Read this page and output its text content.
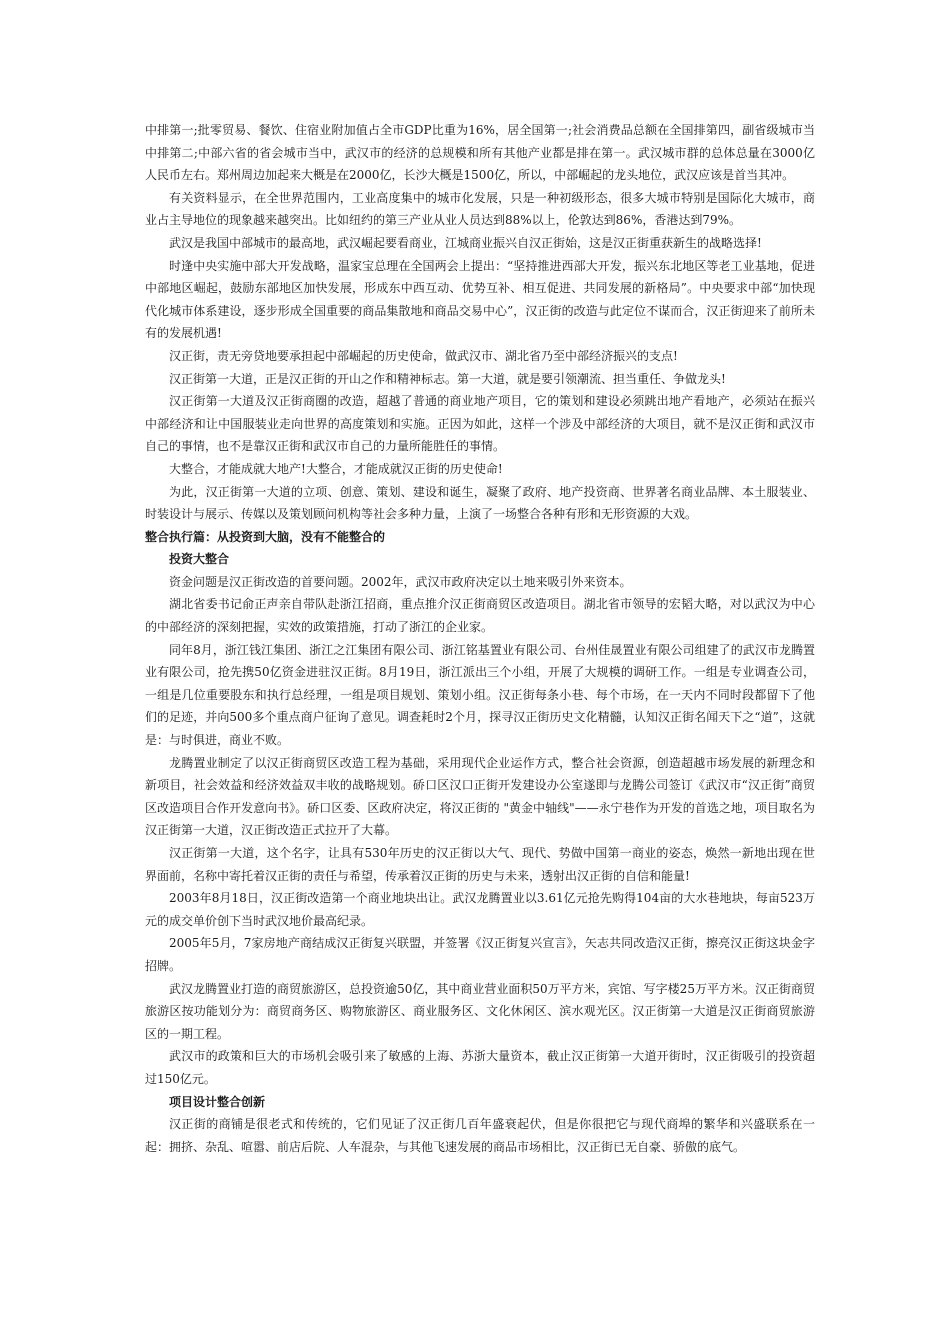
中排第一;批零贸易、餐饮、住宿业附加值占全市GDP比重为16%，居全国第一;社会消费品总额在全国排第四，副省级城市当中排第二;中部六省的省会城市当中，武汉市的经济的总规模和所有其他产业都是排在第一。武汉城市群的总体总量在3000亿人民币左右。郑州周边加起来大概是在2000亿，长沙大概是1500亿，所以，中部崛起的龙头地位，武汉应该是首当其冲。

有关资料显示，在全世界范围内，工业高度集中的城市化发展，只是一种初级形态，很多大城市特别是国际化大城市，商业占主导地位的现象越来越突出。比如纽约的第三产业从业人员达到88%以上，伦敦达到86%，香港达到79%。

武汉是我国中部城市的最高地，武汉崛起要看商业，江城商业振兴自汉正街始，这是汉正街重获新生的战略选择!

时逢中央实施中部大开发战略，温家宝总理在全国两会上提出：“坚持推进西部大开发，振兴东北地区等老工业基地，促进中部地区崛起，鼓励东部地区加快发展，形成东中西互动、优势互补、相互促进、共同发展的新格局”。中央要求中部“加快现代化城市体系建设，逐步形成全国重要的商品集散地和商品交易中心”，汉正街的改造与此定位不谋而合，汉正街迎来了前所未有的发展机遇!

汉正街，责无旁贷地要承担起中部崛起的历史使命，做武汉市、湖北省乃至中部经济振兴的支点!

汉正街第一大道，正是汉正街的开山之作和精神标志。第一大道，就是要引领潮流、担当重任、争做龙头!

汉正街第一大道及汉正街商圈的改造，超越了普通的商业地产项目，它的策划和建设必须跳出地产看地产，必须站在振兴中部经济和让中国服装业走向世界的高度策划和实施。正因为如此，这样一个涉及中部经济的大项目，就不是汉正街和武汉市自己的事情，也不是靠汉正街和武汉市自己的力量所能胜任的事情。

大整合，才能成就大地产!大整合，才能成就汉正街的历史使命!

为此，汉正街第一大道的立项、创意、策划、建设和诞生，凝聚了政府、地产投资商、世界著名商业品牌、本土服装业、时装设计与展示、传媒以及策划顾问机构等社会多种力量，上演了一场整合各种有形和无形资源的大戏。

整合执行篇：从投资到大脑，没有不能整合的

投资大整合

资金问题是汉正街改造的首要问题。2002年，武汉市政府决定以土地来吸引外来资本。

湖北省委书记俞正声亲自带队赴浙江招商，重点推介汉正街商贸区改造项目。湖北省市领导的宏韬大略，对以武汉为中心的中部经济的深刻把握，实效的政策措施，打动了浙江的企业家。

同年8月，浙江钱江集团、浙江之江集团有限公司、浙江铭基置业有限公司、台州佳晟置业有限公司组建了的武汉市龙腾置业有限公司，抢先携50亿资金进驻汉正街。8月19日，浙江派出三个小组，开展了大规模的调研工作。一组是专业调查公司，一组是几位重要股东和执行总经理，一组是项目规划、策划小组。汉正街每条小巷、每个市场，在一天内不同时段都留下了他们的足迹，并向500多个重点商户征询了意见。调查耗时2个月，探寻汉正街历史文化精髓，认知汉正街名闻天下之“道”，这就是：与时俱进，商业不败。

龙腾置业制定了以汉正街商贸区改造工程为基础，采用现代企业运作方式，整合社会资源，创造超越市场发展的新理念和新项目，社会效益和经济效益双丰收的战略规划。硚口区汉口正街开发建设办公室遂即与龙腾公司签订《武汉市“汉正街”商贸区改造项目合作开发意向书》。硚口区委、区政府决定，将汉正街的 "黄金中轴线"——永宁巷作为开发的首选之地，项目取名为汉正街第一大道，汉正街改造正式拉开了大幕。

汉正街第一大道，这个名字，让具有530年历史的汉正街以大气、现代、势做中国第一商业的姿态，焕然一新地出现在世界面前，名称中寄托着汉正街的责任与希望，传承着汉正街的历史与未来，透射出汉正街的自信和能量!

2003年8月18日，汉正街改造第一个商业地块出让。武汉龙腾置业以3.61亿元抢先购得104亩的大水巷地块，每亩523万元的成交单价创下当时武汉地价最高纪录。

2005年5月，7家房地产商结成汉正街复兴联盟，并签署《汉正街复兴宣言》，矢志共同改造汉正街，擦亮汉正街这块金字招牌。

武汉龙腾置业打造的商贸旅游区，总投资逾50亿，其中商业营业面积50万平方米，宾馆、写字楼25万平方米。汉正街商贸旅游区按功能划分为：商贸商务区、购物旅游区、商业服务区、文化休闲区、滨水观光区。汉正街第一大道是汉正街商贸旅游区的一期工程。

武汉市的政策和巨大的市场机会吸引来了敏感的上海、苏浙大量资本，截止汉正街第一大道开街时，汉正街吸引的投资超过150亿元。

项目设计整合创新

汉正街的商铺是很老式和传统的，它们见证了汉正街几百年盛衰起伏，但是你很把它与现代商埠的繁华和兴盛联系在一起：拥挤、杂乱、喧嚣、前店后院、人车混杂，与其他飞速发展的商品市场相比，汉正街已无自豪、骄傲的底气。
